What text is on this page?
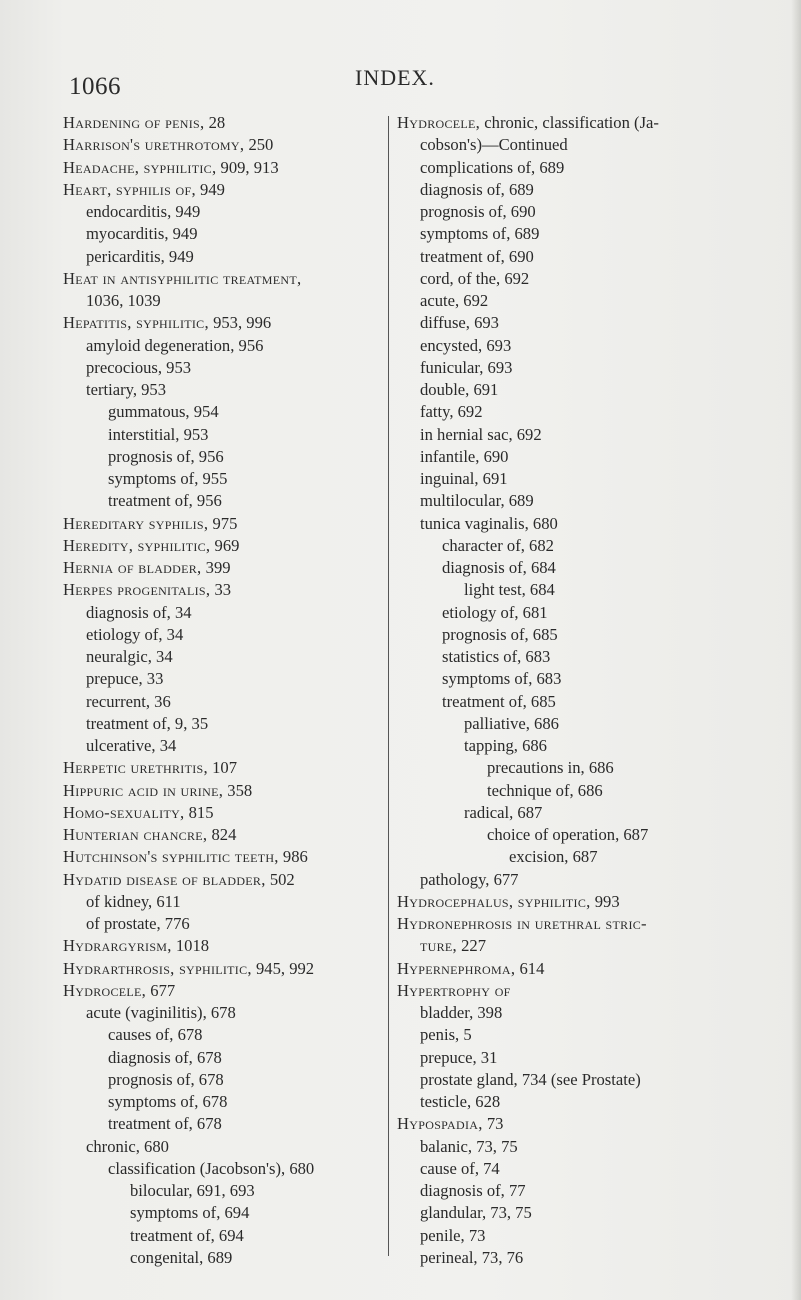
1066	INDEX.
Hardening of penis, 28
Harrison's urethrotomy, 250
Headache, syphilitic, 909, 913
Heart, syphilis of, 949
endocarditis, 949
myocarditis, 949
pericarditis, 949
Heat in antisyphilitic treatment,
1036, 1039
Hepatitis, syphilitic, 953, 996
amyloid degeneration, 956
precocious, 953
tertiary, 953
gummatous, 954
interstitial, 953
prognosis of, 956
symptoms of, 955
treatment of, 956
Hereditary syphilis, 975
Heredity, syphilitic, 969
Hernia of bladder, 399
Herpes progenitalis, 33
diagnosis of, 34
etiology of, 34
neuralgic, 34
prepuce, 33
recurrent, 36
treatment of, 9, 35
ulcerative, 34
Herpetic urethritis, 107
Hippuric acid in urine, 358
Homo-sexuality, 815
Hunterian chancre, 824
Hutchinson's syphilitic teeth, 986
Hydatid disease of bladder, 502
of kidney, 611
of prostate, 776
Hydrargyrism, 1018
Hydrarthrosis, syphilitic, 945, 992
Hydrocele, 677
acute (vaginilitis), 678
causes of, 678
diagnosis of, 678
prognosis of, 678
symptoms of, 678
treatment of, 678
chronic, 680
classification (Jacobson's), 680
bilocular, 691, 693
symptoms of, 694
treatment of, 694
congenital, 689
Hydrocele, chronic, classification (Ja-
cobson's)—Continued
complications of, 689
diagnosis of, 689
prognosis of, 690
symptoms of, 689
treatment of, 690
cord, of the, 692
acute, 692
diffuse, 693
encysted, 693
funicular, 693
double, 691
fatty, 692
in hernial sac, 692
infantile, 690
inguinal, 691
multilocular, 689
tunica vaginalis, 680
character of, 682
diagnosis of, 684
light test, 684
etiology of, 681
prognosis of, 685
statistics of, 683
symptoms of, 683
treatment of, 685
palliative, 686
tapping, 686
precautions in, 686
technique of, 686
radical, 687
choice of operation, 687
excision, 687
pathology, 677
Hydrocephalus, syphilitic, 993
Hydronephrosis in urethral stric-
ture, 227
Hypernephroma, 614
Hypertrophy of
bladder, 398
penis, 5
prepuce, 31
prostate gland, 734 (see Prostate)
testicle, 628
Hypospadia, 73
balanic, 73, 75
cause of, 74
diagnosis of, 77
glandular, 73, 75
penile, 73
perineal, 73, 76
